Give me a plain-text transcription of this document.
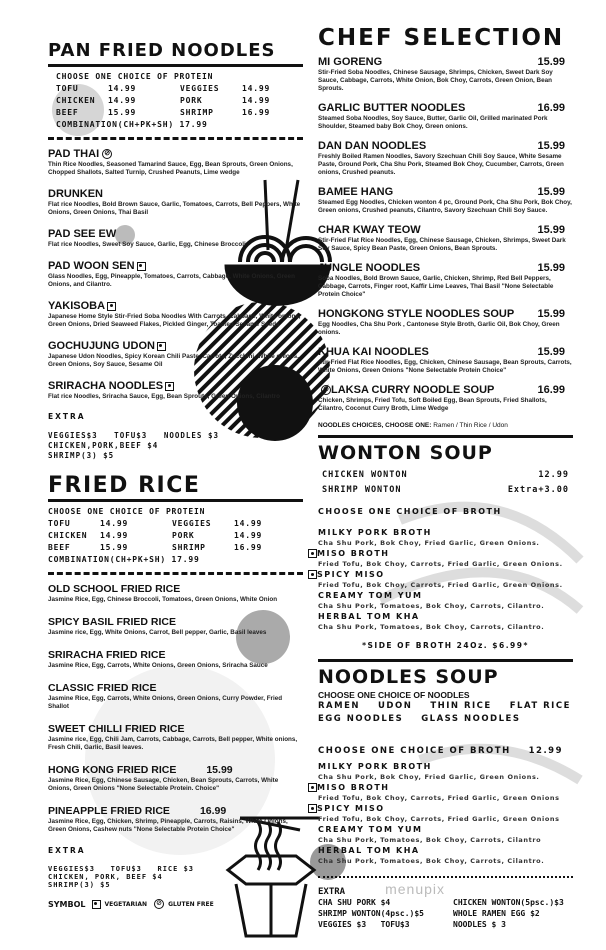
PAN FRIED NOODLES
CHOOSE ONE CHOICE OF PROTEIN
TOFU	14.99	VEGGIES	14.99
CHICKEN	14.99	PORK	14.99
BEEF	15.99	SHRIMP	16.99
COMBINATION(CH+PK+SH) 17.99
PAD THAI ⊘
Thin Rice Noodles, Seasoned Tamarind Sauce, Egg, Bean Sprouts, Green Onions, Chopped Shallots, Salted Turnip, Crushed Peanuts, Lime wedge
DRUNKEN
Flat rice Noodles, Bold Brown Sauce, Garlic, Tomatoes, Carrots, Bell Peppers, White Onions, Green Onions, Thai Basil
PAD SEE EW
Flat rice Noodles, Sweet Soy Sauce, Garlic, Egg, Chinese Broccoli
PAD WOON SEN
Glass Noodles, Egg, Pineapple, Tomatoes, Carrots, Cabbage, White Onions, Green Onions, and Cilantro.
YAKISOBA
Japanese Home Style Stir-Fried Soba Noodles With Carrots, Cabbage, White onions, Green Onions, Dried Seaweed Flakes, Pickled Ginger, Toasted Sesame Seeds
GOCHUJUNG UDON
Japanese Udon Noodles, Spicy Korean Chili Paste, Carrots, Zucchini, White onions, Green Onions, Soy Sauce, Sesame Oil
SRIRACHA NOODLES
Flat rice Noodles, Sriracha Sauce, Egg, Bean Sprouts, Green Onions, Cilantro
EXTRA
VEGGIES$3   TOFU$3   NOODLES $3
CHICKEN,PORK,BEEF $4
SHRIMP(3) $5
FRIED RICE
CHOOSE ONE CHOICE OF PROTEIN
TOFU	14.99	VEGGIES	14.99
CHICKEN	14.99	PORK	14.99
BEEF	15.99	SHRIMP	16.99
COMBINATION(CH+PK+SH) 17.99
OLD SCHOOL FRIED RICE
Jasmine Rice, Egg, Chinese Broccoli, Tomatoes, Green Onions, White Onion
SPICY BASIL FRIED RICE
Jasmine rice, Egg, White Onions, Carrot, Bell pepper, Garlic, Basil leaves
SRIRACHA FRIED RICE
Jasmine Rice, Egg, Carrots, White Onions, Green Onions, Sriracha Sauce
CLASSIC FRIED RICE
Jasmine Rice, Egg, Carrots, White Onions, Green Onions, Curry Powder, Fried Shallot
SWEET CHILLI FRIED RICE
Jasmine rice, Egg, Chili Jam, Carrots, Cabbage, Carrots, Bell pepper, White onions, Fresh Chili, Garlic, Basil leaves.
HONG KONG FRIED RICE	15.99
Jasmine Rice, Egg, Chinese Sausage, Chicken, Bean Sprouts, Carrots, White Onions, Green Onions "None Selectable Protein. Choice"
PINEAPPLE FRIED RICE	16.99
Jasmine Rice, Egg, Chicken, Shrimp, Pineapple, Carrots, Raisins, White Onions, Green Onions, Cashew nuts "None Selectable Protein Choice"
EXTRA
VEGGIES$3   TOFU$3   RICE $3
CHICKEN, PORK, BEEF $4
SHRIMP(3) $5
SYMBOL	VEGETARIAN ⊘	GLUTEN FREE
CHEF SELECTION
MI GORENG	15.99
Stir-Fried Soba Noodles, Chinese Sausage, Shrimps, Chicken, Sweet Dark Soy Sauce, Cabbage, Carrots, White Onion, Bok Choy, Carrots, Green Onion, Bean Sprouts.
GARLIC BUTTER NOODLES	16.99
Steamed Soba Noodles, Soy Sauce, Butter, Garlic Oil, Grilled marinated Pork Shoulder, Steamed baby Bok Choy, Green onions.
DAN DAN NOODLES	15.99
Freshly Boiled Ramen Noodles, Savory Szechuan Chili Soy Sauce, White Sesame Paste, Ground Pork, Cha Shu Pork, Steamed Bok Choy, Cucumber, Carrots, Green onions, Crushed peanuts.
BAMEE HANG	15.99
Steamed Egg Noodles, Chicken wonton 4 pc, Ground Pork, Cha Shu Pork, Bok Choy, Green onions, Crushed peanuts, Cilantro, Savory Szechuan Chili Soy Sauce.
CHAR KWAY TEOW	15.99
Stir-Fried Flat Rice Noodles, Egg, Chinese Sausage, Chicken, Shrimps, Sweet Dark Soy Sauce, Spicy Bean Paste, Green Onions, Bean Sprouts.
JUNGLE NOODLES	15.99
Soba Noodles, Bold Brown Sauce, Garlic, Chicken, Shrimp, Red Bell Peppers, Cabbage, Carrots, Finger root, Kaffir Lime Leaves, Thai Basil "None Selectable Protein Choice"
HONGKONG STYLE NOODLES SOUP 15.99
Egg Noodles, Cha Shu Pork , Cantonese Style Broth, Garlic Oil, Bok Choy, Green onions.
KHUA KAI NOODLES	15.99
Stir-Fried Flat Rice Noodles, Egg, Chicken, Chinese Sausage, Bean Sprouts, Carrots, White Onions, Green Onions "None Selectable Protein Choice"
⊘ LAKSA CURRY NOODLE SOUP	16.99
Chicken, Shrimps, Fried Tofu, Soft Boiled Egg, Bean Sprouts, Fried Shallots, Cilantro, Coconut Curry Broth, Lime Wedge
NOODLES CHOICES, CHOOSE ONE: Ramen / Thin Rice / Udon
WONTON SOUP
CHICKEN WONTON	12.99
SHRIMP WONTON	Extra+3.00
CHOOSE ONE CHOICE OF BROTH
MILKY PORK BROTH
Cha Shu Pork, Bok Choy, Fried Garlic, Green Onions.
MISO BROTH
Fried Tofu, Bok Choy, Carrots, Fried Garlic, Green Onions.
SPICY MISO
Fried Tofu, Bok Choy, Carrots, Fried Garlic, Green Onions.
CREAMY TOM YUM
Cha Shu Pork, Tomatoes, Bok Choy, Carrots, Cilantro.
HERBAL TOM KHA
Cha Shu Pork, Tomatoes, Bok Choy, Carrots, Cilantro.
*SIDE OF BROTH 24Oz. $6.99*
NOODLES SOUP
CHOOSE ONE CHOICE OF NOODLES
RAMEN UDON THIN RICE FLAT RICE
EGG NOODLES GLASS NOODLES
CHOOSE ONE CHOICE OF BROTH 12.99
MILKY PORK BROTH
Cha Shu Pork, Bok Choy, Fried Garlic, Green Onions.
MISO BROTH
Fried Tofu, Bok Choy, Carrots, Fried Garlic, Green Onions
SPICY MISO
Fried Tofu, Bok Choy, Carrots, Fried Garlic, Green Onions
CREAMY TOM YUM
Cha Shu Pork, Tomatoes, Bok Choy, Carrots, Cilantro
HERBAL TOM KHA
Cha Shu Pork, Tomatoes, Bok Choy, Carrots, Cilantro.
EXTRA	menupix
CHA SHU PORK $4	CHICKEN WONTON(5psc.)$3
SHRIMP WONTON(4psc.)$5	WHOLE RAMEN EGG $2
VEGGIES $3   TOFU$3	NOODLES $ 3
